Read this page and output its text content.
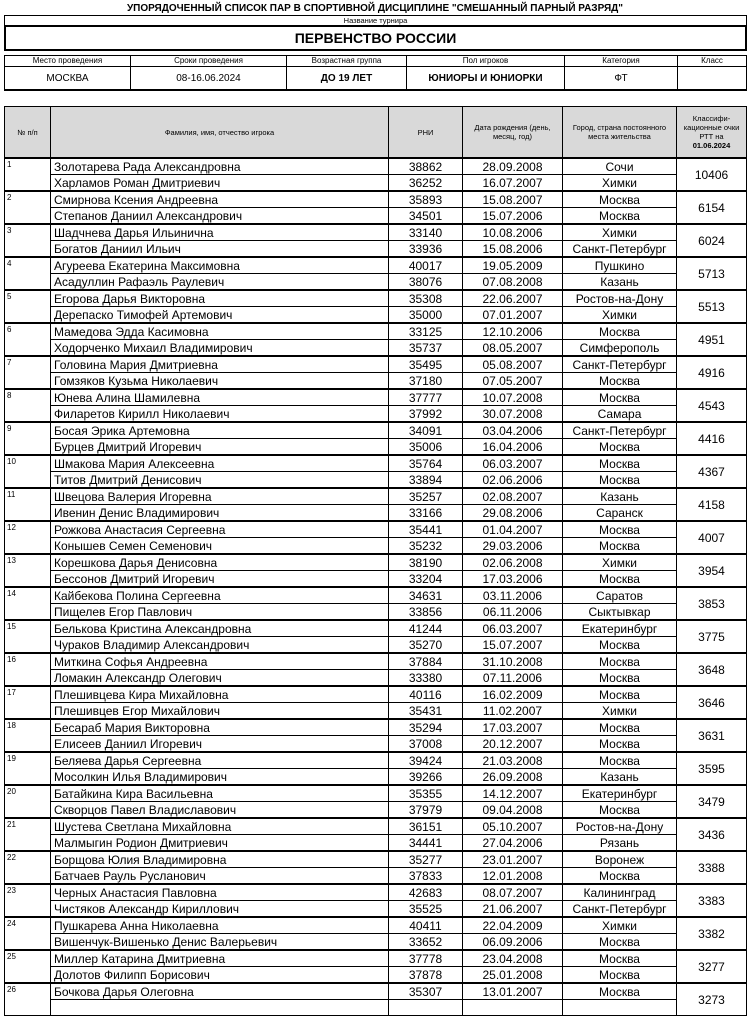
УПОРЯДОЧЕННЫЙ СПИСОК ПАР В СПОРТИВНОЙ ДИСЦИПЛИНЕ "СМЕШАННЫЙ ПАРНЫЙ РАЗРЯД"
Название турнира
ПЕРВЕНСТВО РОССИИ
Место проведения	Сроки проведения	Возрастная группа	Пол игроков	Категория	Класс
МОСКВА	08-16.06.2024	ДО 19 ЛЕТ	ЮНИОРЫ И ЮНИОРКИ	ФТ	
№ п/п	Фамилия, имя, отчество игрока	РНИ	Дата рождения (день, месяц, год)	Город, страна постоянного места жительства	Классифи-кационные очки РТТ на
01.06.2024
1	Золотарева Рада Александровна	38862	28.09.2008	Сочи	10406
	Харламов Роман Дмитриевич	36252	16.07.2007	Химки	
2	Смирнова Ксения Андреевна	35893	15.08.2007	Москва	6154
	Степанов Даниил Александрович	34501	15.07.2006	Москва	
3	Шадчнева Дарья Ильинична	33140	10.08.2006	Химки	6024
	Богатов Даниил Ильич	33936	15.08.2006	Санкт-Петербург	
4	Агуреева Екатерина Максимовна	40017	19.05.2009	Пушкино	5713
	Асадуллин Рафаэль Раулевич	38076	07.08.2008	Казань	
5	Егорова Дарья Викторовна	35308	22.06.2007	Ростов-на-Дону	5513
	Дерепаско Тимофей Артемович	35000	07.01.2007	Химки	
6	Мамедова Эдда Касимовна	33125	12.10.2006	Москва	4951
	Ходорченко Михаил Владимирович	35737	08.05.2007	Симферополь	
7	Головина Мария Дмитриевна	35495	05.08.2007	Санкт-Петербург	4916
	Гомзяков Кузьма Николаевич	37180	07.05.2007	Москва	
8	Юнева Алина Шамилевна	37777	10.07.2008	Москва	4543
	Филаретов Кирилл Николаевич	37992	30.07.2008	Самара	
9	Босая Эрика Артемовна	34091	03.04.2006	Санкт-Петербург	4416
	Бурцев Дмитрий Игоревич	35006	16.04.2006	Москва	
10	Шмакова Мария Алексеевна	35764	06.03.2007	Москва	4367
	Титов Дмитрий Денисович	33894	02.06.2006	Москва	
11	Швецова Валерия Игоревна	35257	02.08.2007	Казань	4158
	Ивенин Денис Владимирович	33166	29.08.2006	Саранск	
12	Рожкова Анастасия Сергеевна	35441	01.04.2007	Москва	4007
	Конышев Семен Семенович	35232	29.03.2006	Москва	
13	Корешкова Дарья Денисовна	38190	02.06.2008	Химки	3954
	Бессонов Дмитрий Игоревич	33204	17.03.2006	Москва	
14	Кайбекова Полина Сергеевна	34631	03.11.2006	Саратов	3853
	Пищелев Егор Павлович	33856	06.11.2006	Сыктывкар	
15	Белькова Кристина Александровна	41244	06.03.2007	Екатеринбург	3775
	Чураков Владимир Александрович	35270	15.07.2007	Москва	
16	Миткина Софья Андреевна	37884	31.10.2008	Москва	3648
	Ломакин Александр Олегович	33380	07.11.2006	Москва	
17	Плешивцева Кира Михайловна	40116	16.02.2009	Москва	3646
	Плешивцев Егор Михайлович	35431	11.02.2007	Химки	
18	Бесараб Мария Викторовна	35294	17.03.2007	Москва	3631
	Елисеев Даниил Игоревич	37008	20.12.2007	Москва	
19	Беляева Дарья Сергеевна	39424	21.03.2008	Москва	3595
	Мосолкин Илья Владимирович	39266	26.09.2008	Казань	
20	Батайкина Кира Васильевна	35355	14.12.2007	Екатеринбург	3479
	Скворцов Павел Владиславович	37979	09.04.2008	Москва	
21	Шустева Светлана Михайловна	36151	05.10.2007	Ростов-на-Дону	3436
	Малмыгин Родион Дмитриевич	34441	27.04.2006	Рязань	
22	Борщова Юлия Владимировна	35277	23.01.2007	Воронеж	3388
	Батчаев Рауль Русланович	37833	12.01.2008	Москва	
23	Черных Анастасия Павловна	42683	08.07.2007	Калининград	3383
	Чистяков Александр Кириллович	35525	21.06.2007	Санкт-Петербург	
24	Пушкарева Анна Николаевна	40411	22.04.2009	Химки	3382
	Вишенчук-Вишенько Денис Валерьевич	33652	06.09.2006	Москва	
25	Миллер Катарина Дмитриевна	37778	23.04.2008	Москва	3277
	Долотов Филипп Борисович	37878	25.01.2008	Москва	
26	Бочкова Дарья Олеговна	35307	13.01.2007	Москва	3273
